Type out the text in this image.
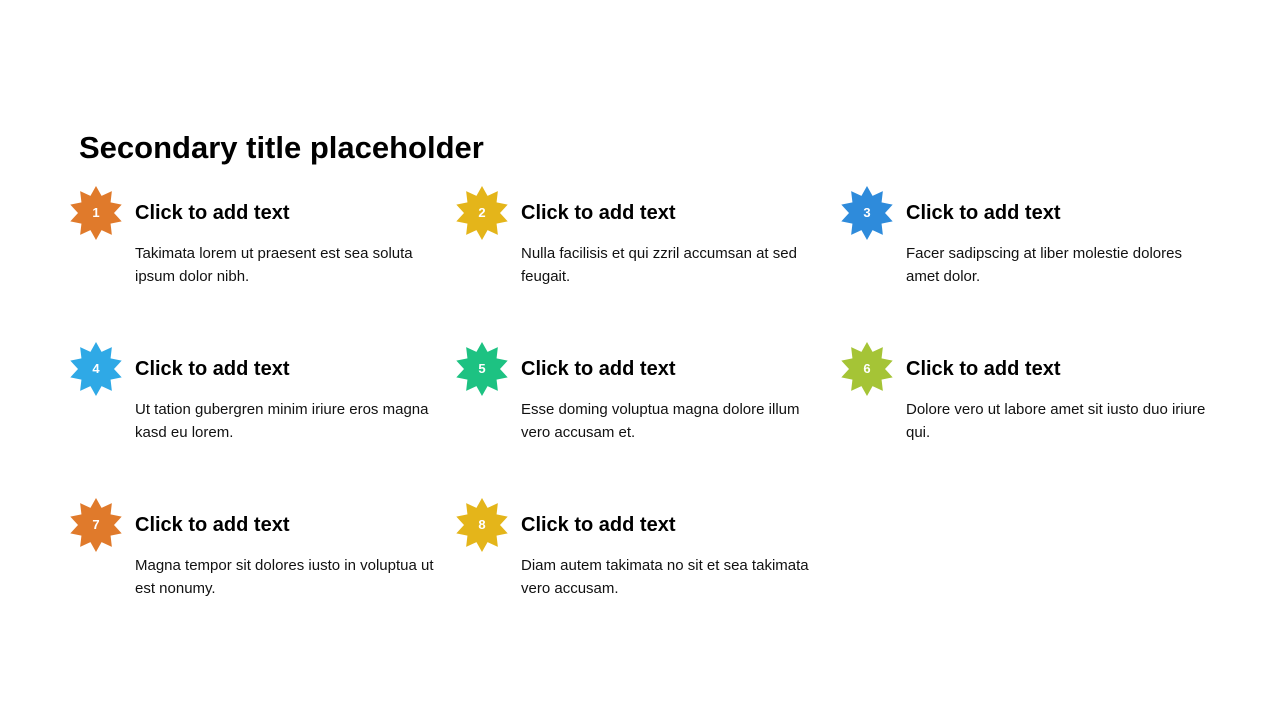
Secondary title placeholder
1	Click to add text
Takimata lorem ut praesent est sea soluta ipsum dolor nibh.
2	Click to add text
Nulla facilisis et qui zzril accumsan at sed feugait.
3	Click to add text
Facer sadipscing at liber molestie dolores amet dolor.
4	Click to add text
Ut tation gubergren minim iriure eros magna kasd eu lorem.
5	Click to add text
Esse doming voluptua magna dolore illum vero accusam et.
6	Click to add text
Dolore vero ut labore amet sit iusto duo iriure qui.
7	Click to add text
Magna tempor sit dolores iusto in voluptua ut est nonumy.
8	Click to add text
Diam autem takimata no sit et sea takimata vero accusam.
